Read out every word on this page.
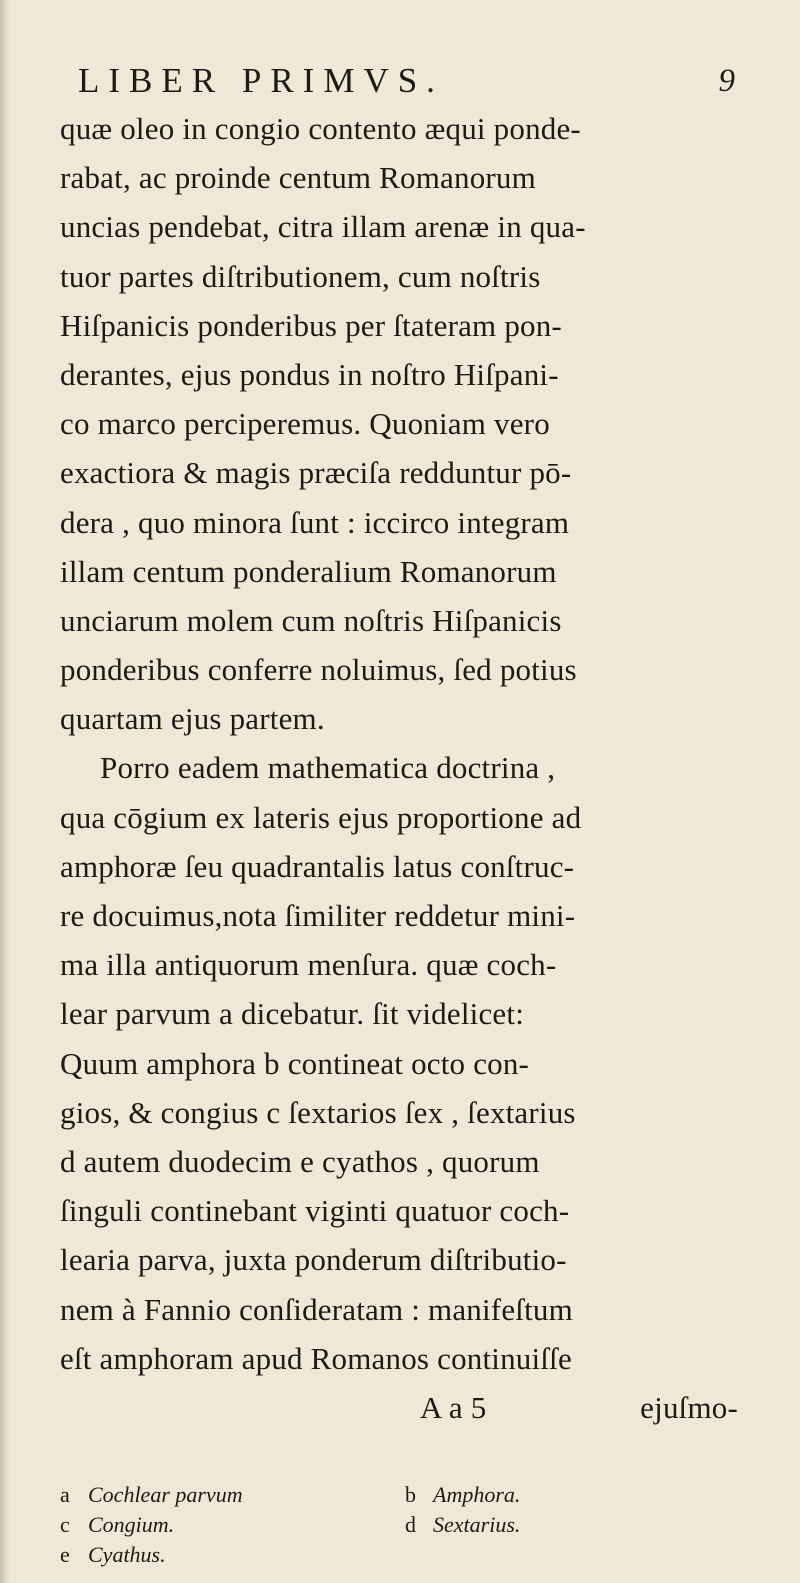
LIBER PRIMVS.	9
quæ oleo in congio contento æqui ponde-
rabat, ac proinde centum Romanorum
uncias pendebat, citra illam arenæ in qua-
tuor partes diſtributionem, cum noſtris
Hiſpanicis ponderibus per ſtateram pon-
derantes, ejus pondus in noſtro Hiſpani-
co marco perciperemus. Quoniam vero
exactiora & magis præciſa redduntur pō-
dera , quo minora ſunt : iccirco integram
illam centum ponderalium Romanorum
unciarum molem cum noſtris Hiſpanicis
ponderibus conferre noluimus, ſed potius
quartam ejus partem.
Porro eadem mathematica doctrina ,
qua cōgium ex lateris ejus proportione ad
amphoræ ſeu quadrantalis latus conſtruc-
re docuimus,nota ſimiliter reddetur mini-
ma illa antiquorum menſura. quæ coch-
lear parvum a dicebatur. ſit videlicet:
Quum amphora b contineat octo con-
gios, & congius c ſextarios ſex , ſextarius
d autem duodecim e cyathos , quorum
ſinguli continebant viginti quatuor coch-
learia parva, juxta ponderum diſtributio-
nem à Fannio conſideratam : manifeſtum
eſt amphoram apud Romanos continuiſſe
A a 5	ejuſmo-
a Cochlear parvum	b Amphora.
c Congium.	d Sextarius.
e Cyathus.
